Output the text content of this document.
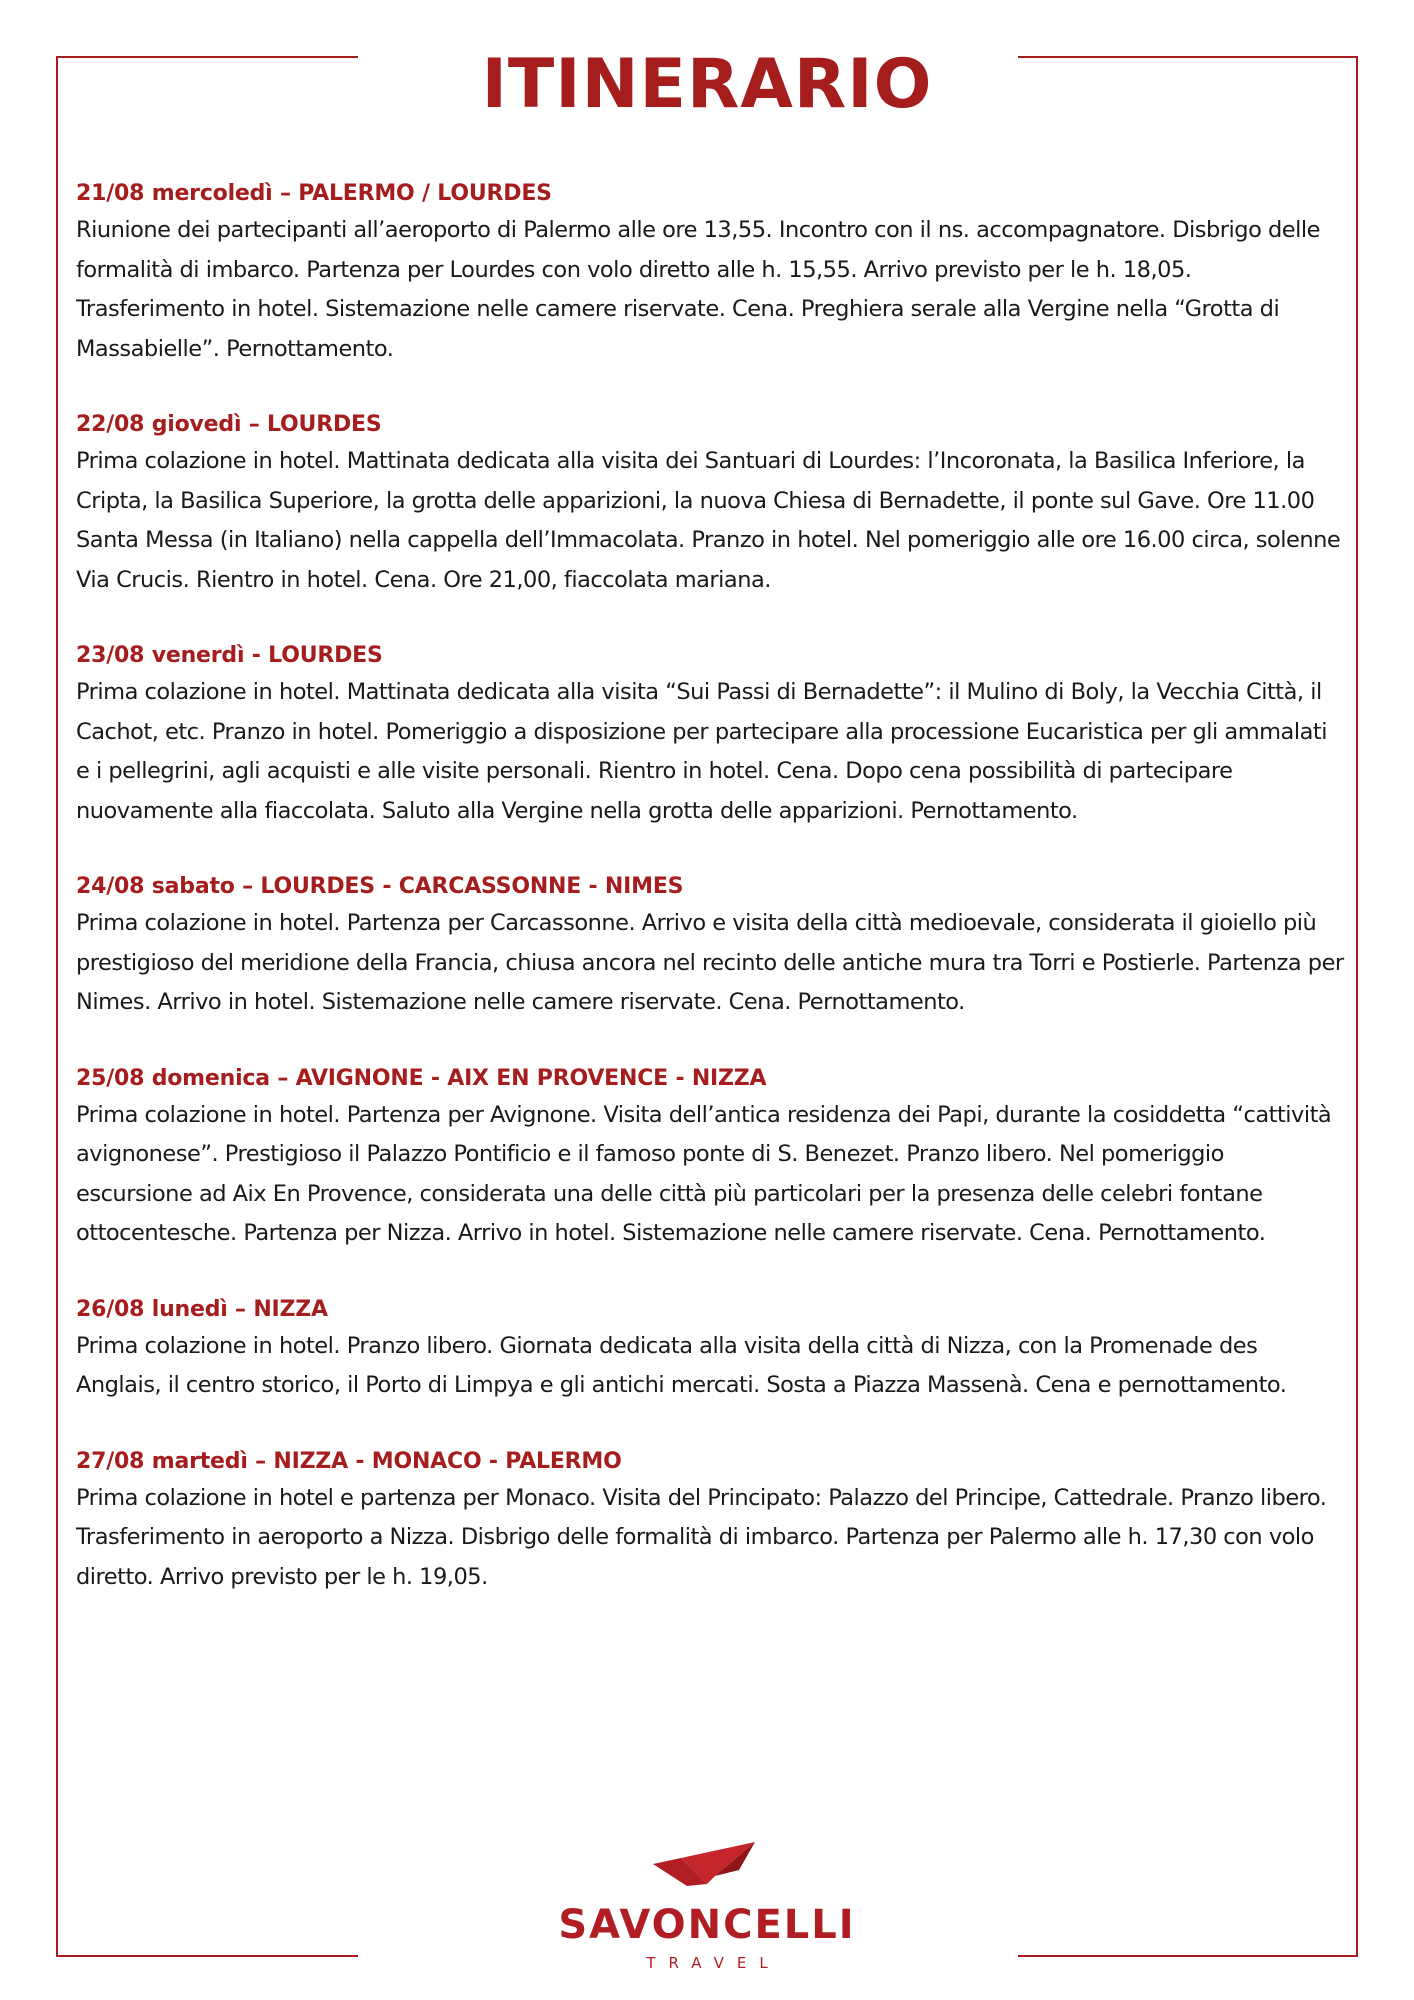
ITINERARIO
21/08 mercoledì – PALERMO / LOURDES

Riunione dei partecipanti all’aeroporto di Palermo alle ore 13,55. Incontro con il ns. accompagnatore. Disbrigo delle formalità di imbarco. Partenza per Lourdes con volo diretto alle h. 15,55. Arrivo previsto per le h. 18,05. Trasferimento in hotel. Sistemazione nelle camere riservate. Cena. Preghiera serale alla Vergine nella “Grotta di Massabielle”. Pernottamento.

22/08 giovedì – LOURDES

Prima colazione in hotel. Mattinata dedicata alla visita dei Santuari di Lourdes: l’Incoronata, la Basilica Inferiore, la Cripta, la Basilica Superiore, la grotta delle apparizioni, la nuova Chiesa di Bernadette, il ponte sul Gave. Ore 11.00 Santa Messa (in Italiano) nella cappella dell’Immacolata. Pranzo in hotel. Nel pomeriggio alle ore 16.00 circa, solenne Via Crucis. Rientro in hotel. Cena. Ore 21,00, fiaccolata mariana.

23/08 venerdì - LOURDES

Prima colazione in hotel. Mattinata dedicata alla visita “Sui Passi di Bernadette”: il Mulino di Boly, la Vecchia Città, il Cachot, etc. Pranzo in hotel. Pomeriggio a disposizione per partecipare alla processione Eucaristica per gli ammalati e i pellegrini, agli acquisti e alle visite personali. Rientro in hotel. Cena. Dopo cena possibilità di partecipare nuovamente alla fiaccolata. Saluto alla Vergine nella grotta delle apparizioni. Pernottamento.

24/08 sabato – LOURDES - CARCASSONNE - NIMES

Prima colazione in hotel. Partenza per Carcassonne. Arrivo e visita della città medioevale, considerata il gioiello più prestigioso del meridione della Francia, chiusa ancora nel recinto delle antiche mura tra Torri e Postierle. Partenza per Nimes. Arrivo in hotel. Sistemazione nelle camere riservate. Cena. Pernottamento.

25/08 domenica – AVIGNONE - AIX EN PROVENCE - NIZZA

Prima colazione in hotel. Partenza per Avignone. Visita dell’antica residenza dei Papi, durante la cosiddetta “cattività avignonese”. Prestigioso il Palazzo Pontificio e il famoso ponte di S. Benezet. Pranzo libero. Nel pomeriggio escursione ad Aix En Provence, considerata una delle città più particolari per la presenza delle celebri fontane ottocentesche. Partenza per Nizza. Arrivo in hotel. Sistemazione nelle camere riservate. Cena. Pernottamento.

26/08 lunedì – NIZZA

Prima colazione in hotel. Pranzo libero. Giornata dedicata alla visita della città di Nizza, con la Promenade des Anglais, il centro storico, il Porto di Limpya e gli antichi mercati. Sosta a Piazza Massenà. Cena e pernottamento.

27/08 martedì – NIZZA - MONACO - PALERMO

Prima colazione in hotel e partenza per Monaco. Visita del Principato: Palazzo del Principe, Cattedrale. Pranzo libero. Trasferimento in aeroporto a Nizza. Disbrigo delle formalità di imbarco. Partenza per Palermo alle h. 17,30 con volo diretto. Arrivo previsto per le h. 19,05.

SAVONCELLI
TRAVEL
